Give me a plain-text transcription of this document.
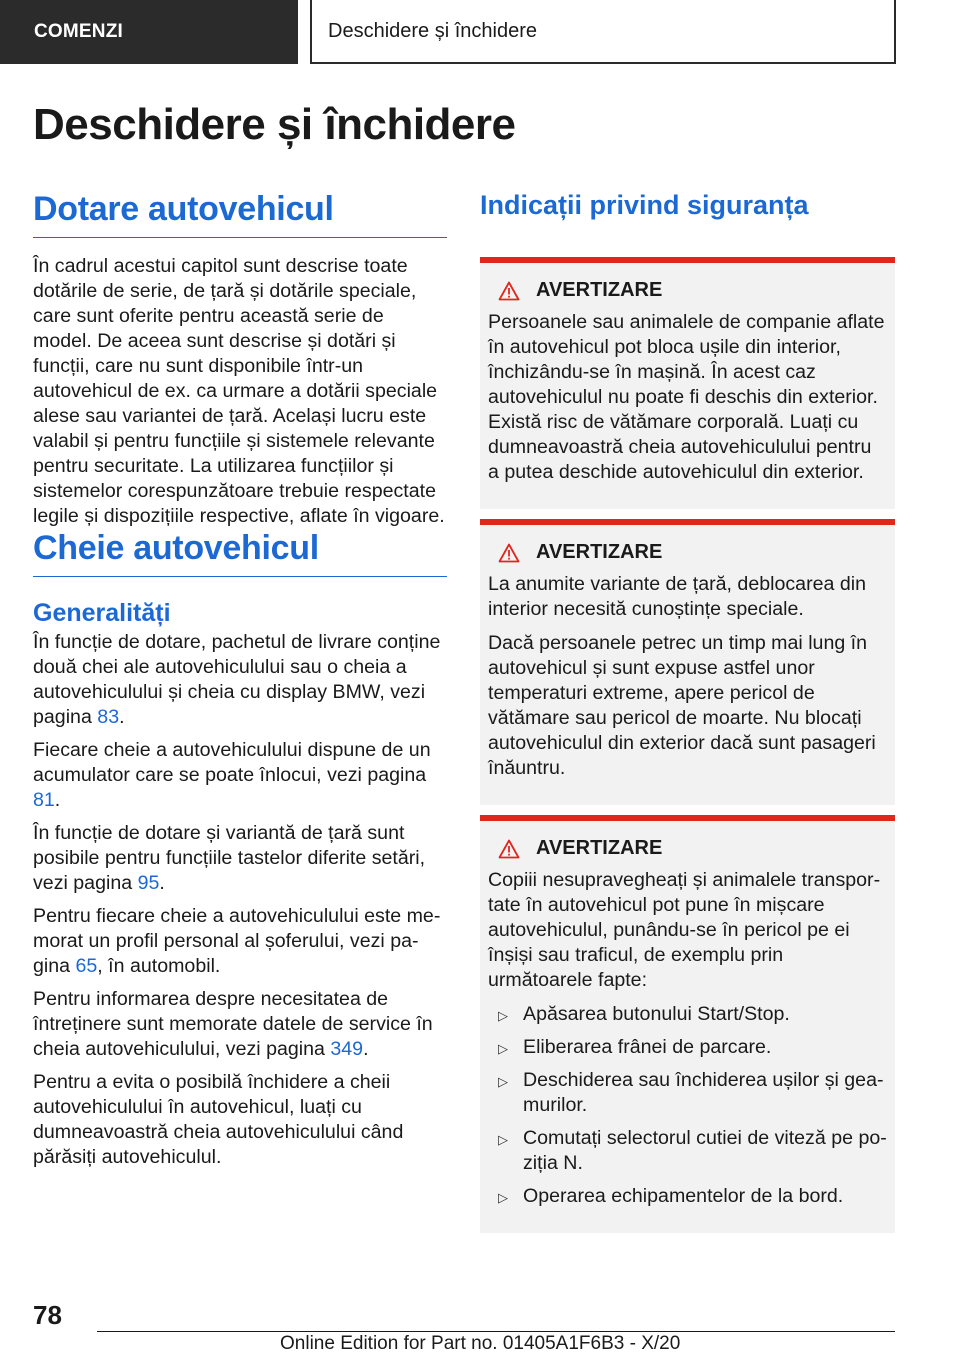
COMENZI	Deschidere și închidere
Deschidere și închidere
Dotare autovehicul

În cadrul acestui capitol sunt descrise toate dotările de serie, de țară și dotările speciale, care sunt oferite pentru această serie de model. De aceea sunt descrise și dotări și funcții, care nu sunt disponibile într-un autovehicul de ex. ca urmare a dotării speciale alese sau variantei de țară. Același lucru este valabil și pentru funcțiile și sistemele relevante pentru securitate. La utilizarea funcțiilor și sistemelor corespunzătoare trebuie respectate legile și dispozițiile respective, aflate în vigoare.

Cheie autovehicul
Generalități

În funcție de dotare, pachetul de livrare conține două chei ale autovehiculului sau o cheia a autovehiculului și cheia cu display BMW, vezi pagina 83.

Fiecare cheie a autovehiculului dispune de un acumulator care se poate înlocui, vezi pagina 81.

În funcție de dotare și variantă de țară sunt posibile pentru funcțiile tastelor diferite setări, vezi pagina 95.

Pentru fiecare cheie a autovehiculului este memorat un profil personal al șoferului, vezi pagina 65, în automobil.

Pentru informarea despre necesitatea de întreținere sunt memorate datele de service în cheia autovehiculului, vezi pagina 349.

Pentru a evita o posibilă închidere a cheii autovehiculului în autovehicul, luați cu dumneavoastră cheia autovehiculului când părăsiți autovehiculul.

Indicații privind siguranța
AVERTIZARE

Persoanele sau animalele de companie aflate în autovehicul pot bloca ușile din interior, închizându-se în mașină. În acest caz autovehiculul nu poate fi deschis din exterior. Există risc de vătămare corporală. Luați cu dumneavoastră cheia autovehiculului pentru a putea deschide autovehiculul din exterior.

AVERTIZARE

La anumite variante de țară, deblocarea din interior necesită cunoștințe speciale.

Dacă persoanele petrec un timp mai lung în autovehicul și sunt expuse astfel unor temperaturi extreme, apere pericol de vătămare sau pericol de moarte. Nu blocați autovehiculul din exterior dacă sunt pasageri înăuntru.

AVERTIZARE

Copiii nesupravegheați și animalele transportate în autovehicul pot pune în mișcare autovehiculul, punându-se în pericol pe ei înșiși sau traficul, de exemplu prin următoarele fapte:

▷ Apăsarea butonului Start/Stop.
▷ Eliberarea frânei de parcare.
▷ Deschiderea sau închiderea ușilor și geamurilor.
▷ Comutați selectorul cutiei de viteză pe poziția N.
▷ Operarea echipamentelor de la bord.
78
Online Edition for Part no. 01405A1F6B3 - X/20
